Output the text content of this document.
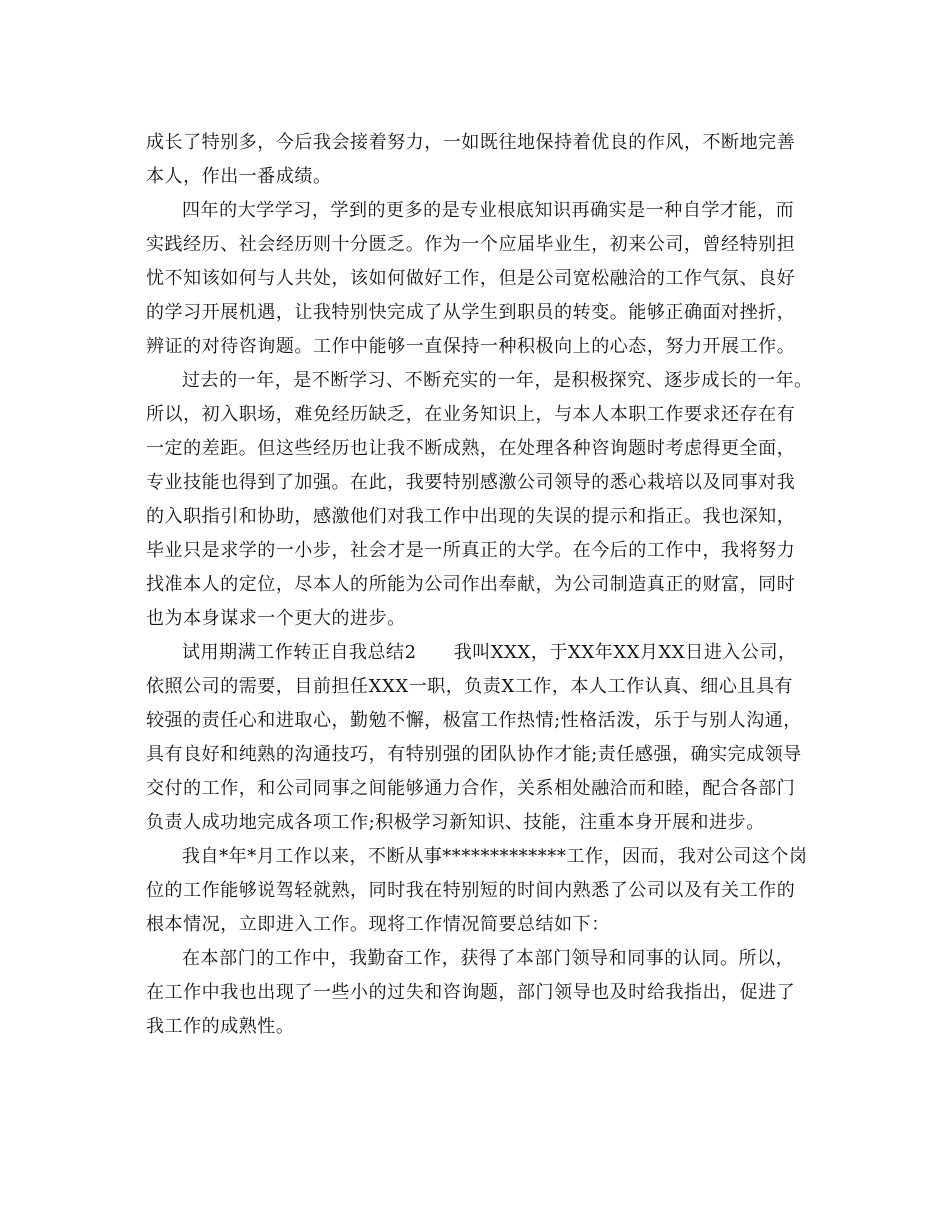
成长了特别多，今后我会接着努力，一如既往地保持着优良的作风，不断地完善
本人，作出一番成绩。
四年的大学学习，学到的更多的是专业根底知识再确实是一种自学才能，而
实践经历、社会经历则十分匮乏。作为一个应届毕业生，初来公司，曾经特别担
忧不知该如何与人共处，该如何做好工作，但是公司宽松融洽的工作气氛、良好
的学习开展机遇，让我特别快完成了从学生到职员的转变。能够正确面对挫折，
辨证的对待咨询题。工作中能够一直保持一种积极向上的心态，努力开展工作。
过去的一年，是不断学习、不断充实的一年，是积极探究、逐步成长的一年。
所以，初入职场，难免经历缺乏，在业务知识上，与本人本职工作要求还存在有
一定的差距。但这些经历也让我不断成熟，在处理各种咨询题时考虑得更全面，
专业技能也得到了加强。在此，我要特别感激公司领导的悉心栽培以及同事对我
的入职指引和协助，感激他们对我工作中出现的失误的提示和指正。我也深知，
毕业只是求学的一小步，社会才是一所真正的大学。在今后的工作中，我将努力
找准本人的定位，尽本人的所能为公司作出奉献，为公司制造真正的财富，同时
也为本身谋求一个更大的进步。
试用期满工作转正自我总结2　　我叫XXX，于XX年XX月XX日进入公司，
依照公司的需要，目前担任XXX一职，负责X工作，本人工作认真、细心且具有
较强的责任心和进取心，勤勉不懈，极富工作热情;性格活泼，乐于与别人沟通，
具有良好和纯熟的沟通技巧，有特别强的团队协作才能;责任感强，确实完成领导
交付的工作，和公司同事之间能够通力合作，关系相处融洽而和睦，配合各部门
负责人成功地完成各项工作;积极学习新知识、技能，注重本身开展和进步。
我自*年*月工作以来，不断从事*************工作，因而，我对公司这个岗
位的工作能够说驾轻就熟，同时我在特别短的时间内熟悉了公司以及有关工作的
根本情况，立即进入工作。现将工作情况简要总结如下：
在本部门的工作中，我勤奋工作，获得了本部门领导和同事的认同。所以，
在工作中我也出现了一些小的过失和咨询题，部门领导也及时给我指出，促进了
我工作的成熟性。
